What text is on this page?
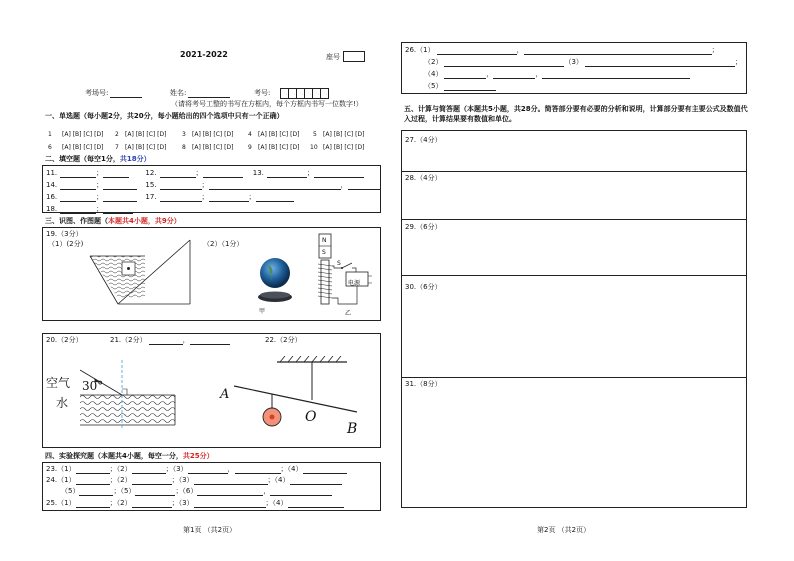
2021-2022	座号
考场号:	姓名:	考号:
（请将考号工整的书写在方框内，每个方框内书写一位数字!）
一、单选题（每小题2分，共20分，每小题给出的四个选项中只有一个正确）
1 [A] [B] [C] [D] 2 [A] [B] [C] [D]	3 [A] [B] [C] [D] 4 [A] [B] [C] [D] 5 [A] [B] [C] [D]
6 [A] [B] [C] [D] 7 [A] [B] [C] [D]	8 [A] [B] [C] [D] 9 [A] [B] [C] [D] 10 [A] [B] [C] [D]
二、填空题（每空1分，共18分）
11.	；	12.	；	13.	；
14.	；	15.	；	，
16.	；	17.	；	；
18.	；
三、识图、作图题（本题共4小题，共9分）
19.（3分）
（1）(2分)	（2）（1分）
甲
N
S
S
电源
乙
20.（2分）	21.（2分）	，	22.（2分）
空气 30°
水
A
O
B
四、实验探究题（本题共4小题，每空一分，共25分）
23.（1）	；（2）	；（3）	，	；（4）
24.（1）	；（2）	；（3）	；（4）
（5）	；（5）	；（6）	，
25.（1）	；（2）	；（3）	；（4）
第1页 （共2页）
26.（1）	，	；
（2）	（3）	；
（4）	，	，
（5）
五、计算与简答题（本题共5小题，共28分。简答部分要有必要的分析和说明，计算部分要有主要公式及数值代入过程，计算结果要有数值和单位。
27.（4分）
28.（4分）
29.（6分）
30.（6分）
31.（8分）
第2页 （共2页）
